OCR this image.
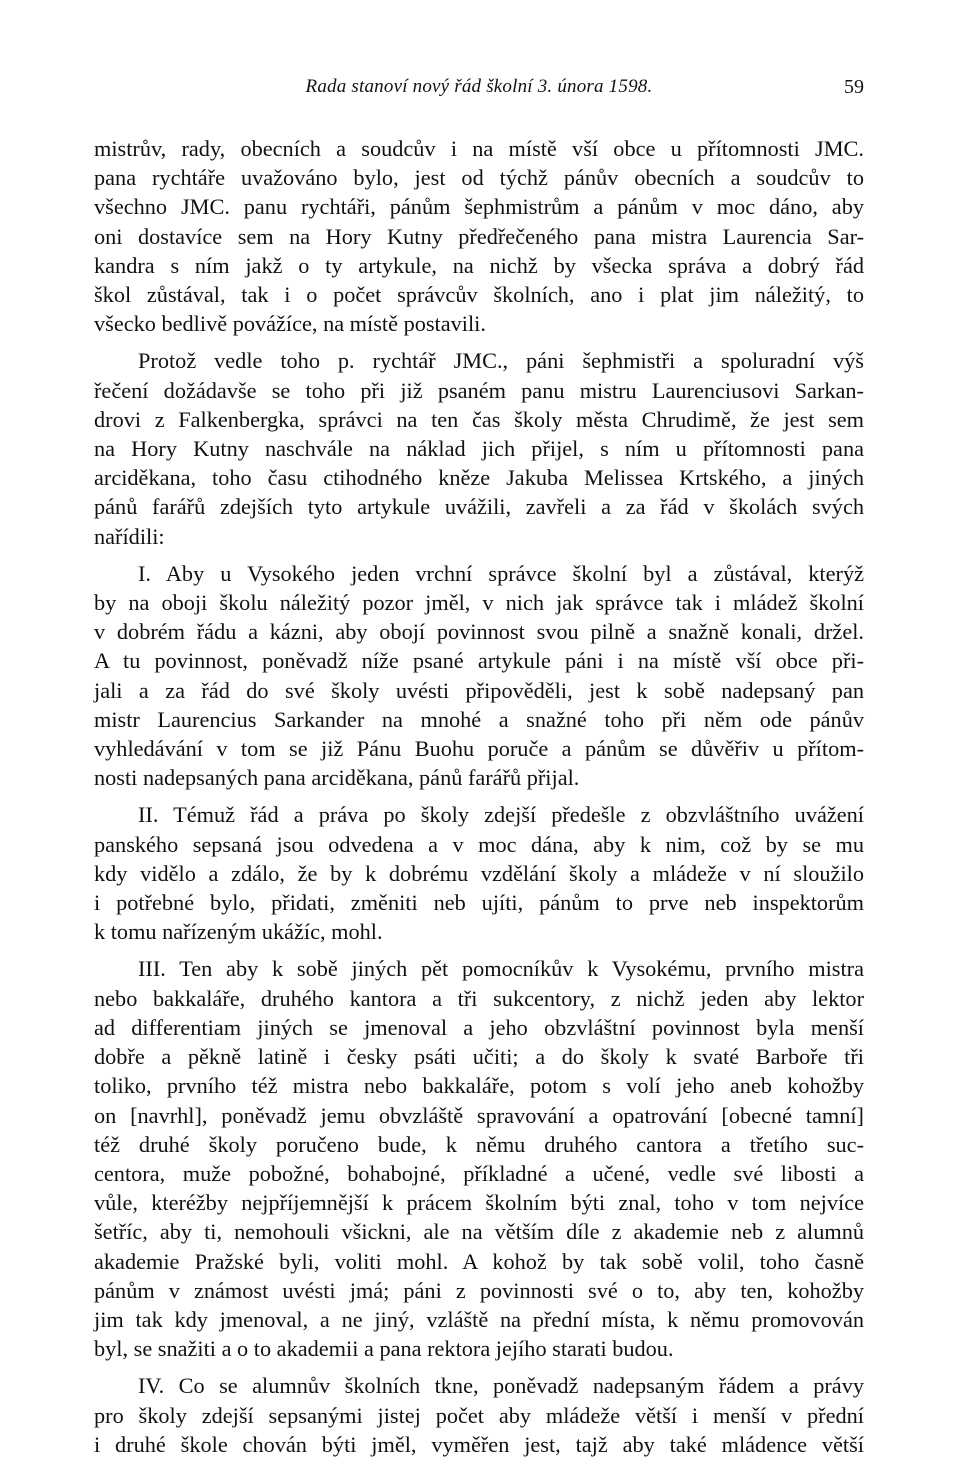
Rada stanoví nový řád školní 3. února 1598.	59

mistrův, rady, obecních a soudcův i na místě vší obce u přítomnosti JMC.
pana rychtáře uvažováno bylo, jest od týchž pánův obecních a soudcův to
všechno JMC. panu rychtáři, pánům šephmistrům a pánům v moc dáno, aby
oni dostavíce sem na Hory Kutny předřečeného pana mistra Laurencia Sar-
kandra s ním jakž o ty artykule, na nichž by všecka správa a dobrý řád
škol zůstával, tak i o počet správcův školních, ano i plat jim náležitý, to
všecko bedlivě povážíce, na místě postavili.

Protož vedle toho p. rychtář JMC., páni šephmistři a spoluradní výš
řečení dožádavše se toho při již psaném panu mistru Laurenciusovi Sarkan-
drovi z Falkenbergka, správci na ten čas školy města Chrudimě, že jest sem
na Hory Kutny naschvále na náklad jich přijel, s ním u přítomnosti pana
arciděkana, toho času ctihodného kněze Jakuba Melissea Krtského, a jiných
pánů farářů zdejších tyto artykule uvážili, zavřeli a za řád v školách svých
nařídili:

I. Aby u Vysokého jeden vrchní správce školní byl a zůstával, kterýž
by na oboji školu náležitý pozor jměl, v nich jak správce tak i mládež školní
v dobrém řádu a kázni, aby obojí povinnost svou pilně a snažně konali, držel.
A tu povinnost, poněvadž níže psané artykule páni i na místě vší obce při-
jali a za řád do své školy uvésti připověděli, jest k sobě nadepsaný pan
mistr Laurencius Sarkander na mnohé a snažné toho při něm ode pánův
vyhledávání v tom se již Pánu Buohu poruče a pánům se důvěřiv u přítom-
nosti nadepsaných pana arciděkana, pánů farářů přijal.

II. Témuž řád a práva po školy zdejší předešle z obzvláštního uvážení
panského sepsaná jsou odvedena a v moc dána, aby k nim, což by se mu
kdy vidělo a zdálo, že by k dobrému vzdělání školy a mládeže v ní sloužilo
i potřebné bylo, přidati, změniti neb ujíti, pánům to prve neb inspektorům
k tomu nařízeným ukážíc, mohl.

III. Ten aby k sobě jiných pět pomocníkův k Vysokému, prvního mistra
nebo bakkaláře, druhého kantora a tři sukcentory, z nichž jeden aby lektor
ad differentiam jiných se jmenoval a jeho obzvláštní povinnost byla menší
dobře a pěkně latině i česky psáti učiti; a do školy k svaté Barboře tři
toliko, prvního též mistra nebo bakkaláře, potom s volí jeho aneb kohožby
on [navrhl], poněvadž jemu obvzláště spravování a opatrování [obecné tamní]
též druhé školy poručeno bude, k němu druhého cantora a třetího suc-
centora, muže pobožné, bohabojné, příkladné a učené, vedle své libosti a
vůle, kteréžby nejpříjemnější k prácem školním býti znal, toho v tom nejvíce
šetříc, aby ti, nemohouli všickni, ale na větším díle z akademie neb z alumnů
akademie Pražské byli, voliti mohl. A kohož by tak sobě volil, toho časně
pánům v známost uvésti jmá; páni z povinnosti své o to, aby ten, kohožby
jim tak kdy jmenoval, a ne jiný, vzláště na přední místa, k němu promovován
byl, se snažiti a o to akademii a pana rektora jejího starati budou.

IV. Co se alumnův školních tkne, poněvadž nadepsaným řádem a právy
pro školy zdejší sepsanými jistej počet aby mládeže větší i menší v přední
i druhé škole chován býti jměl, vyměřen jest, tajž aby také mládence větší
